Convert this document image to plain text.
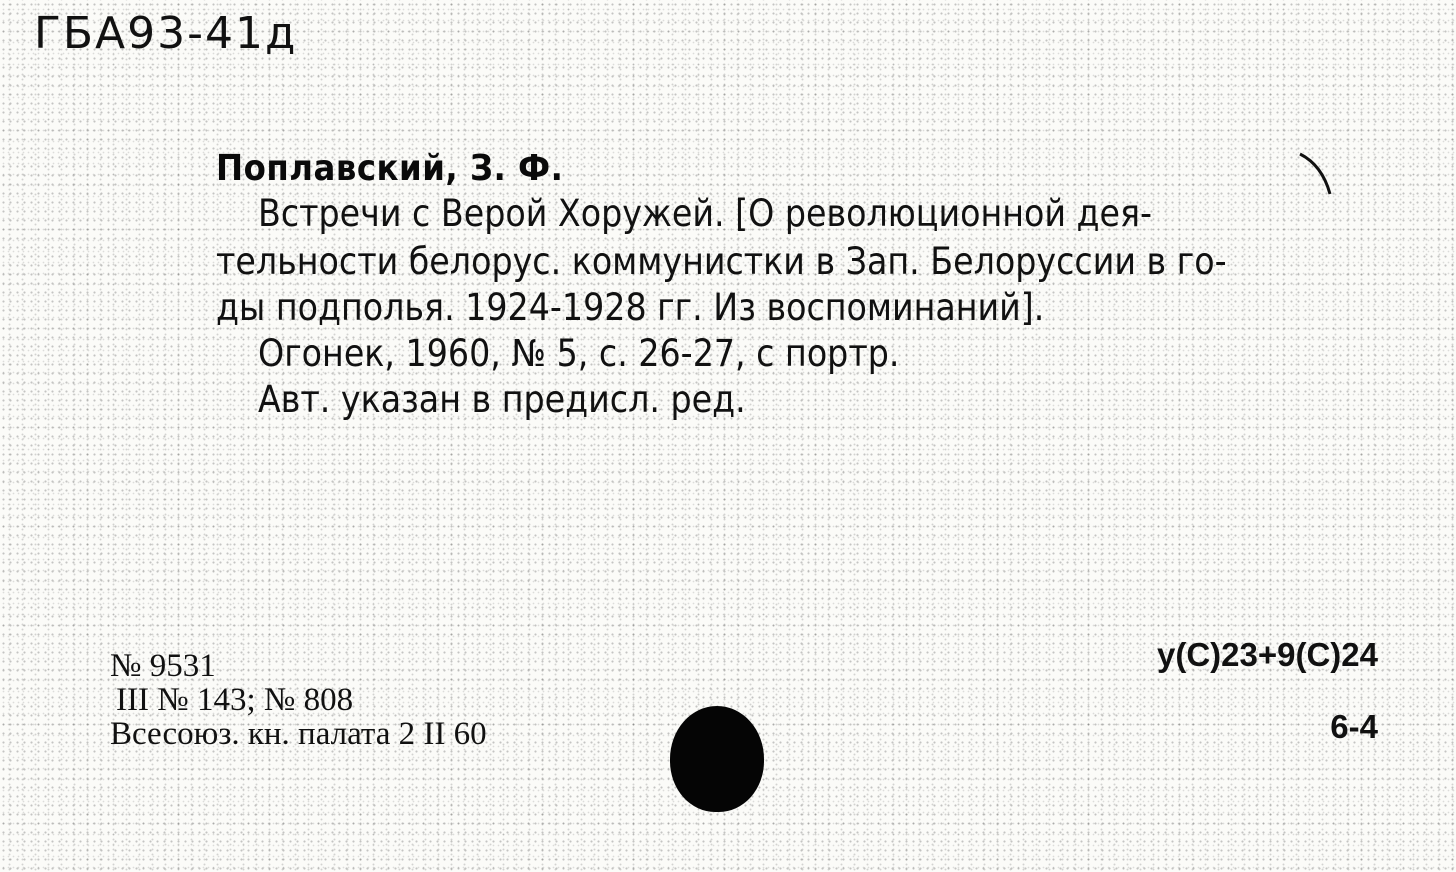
ГБА93-41д
Поплавский, З. Ф.
Встречи с Верой Хоружей. [О революционной дея-
тельности белорус. коммунистки в Зап. Белоруссии в го-
ды подполья. 1924-1928 гг. Из воспоминаний].
Огонек, 1960, № 5, с. 26-27, с портр.
Авт. указан в предисл. ред.
№ 9531
III № 143; № 808
Всесоюз. кн. палата 2 II 60
у(С)23+9(С)24
6-4
